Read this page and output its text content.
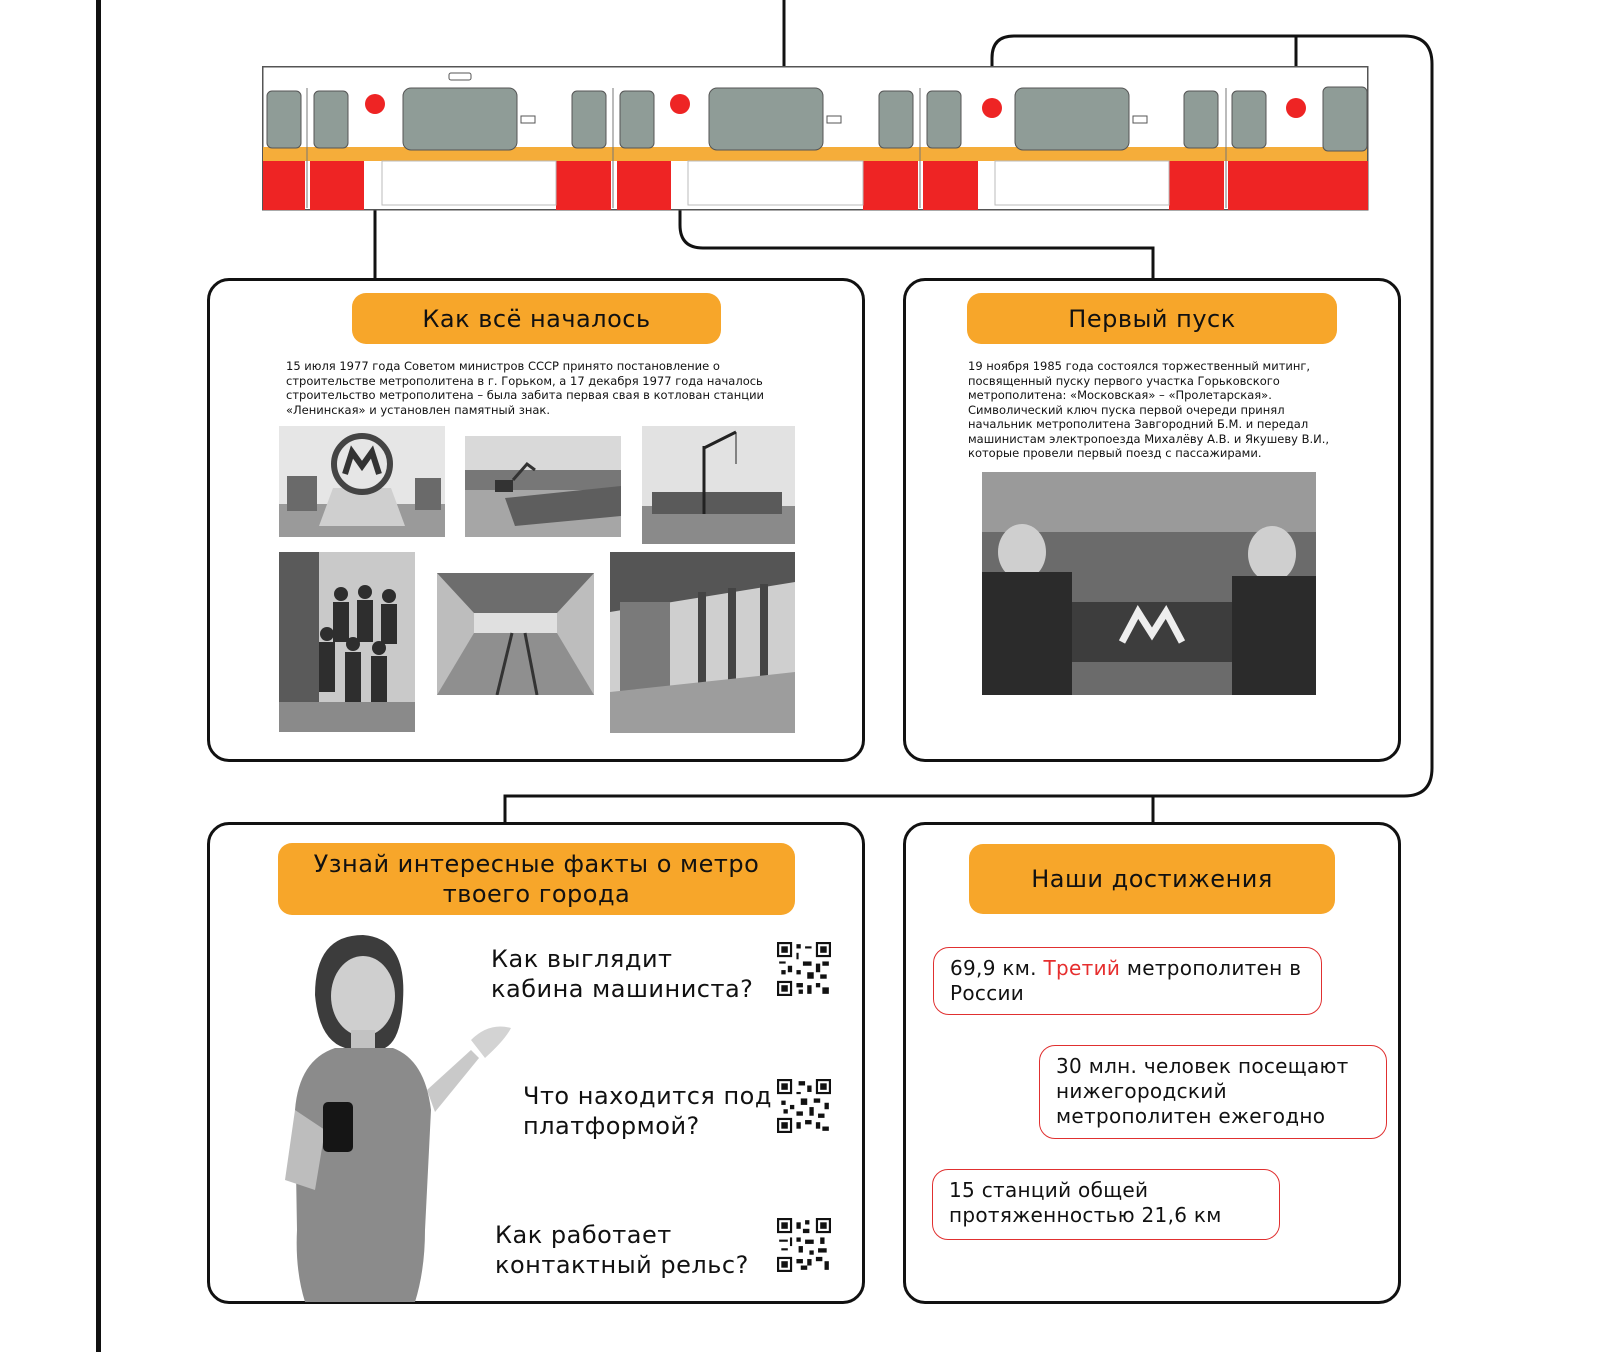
Как всё началось
15 июля 1977 года Советом министров СССР принято постановление о строительстве метрополитена в г. Горьком, а 17 декабря 1977 года началось строительство метрополитена – была забита первая свая в котлован станции «Ленинская» и установлен памятный знак.
Первый пуск
19 ноября 1985 года состоялся торжественный митинг, посвященный пуску первого участка Горьковского метрополитена: «Московская» – «Пролетарская». Символический ключ пуска первой очереди принял начальник метрополитена Завгородний Б.М. и передал машинистам электропоезда Михалёву А.В. и Якушеву В.И., которые провели первый поезд с пассажирами.
Узнай интересные факты о метро твоего города
Как выглядит кабина машиниста?
Что находится под платформой?
Как работает контактный рельс?
Наши достижения
69,9 км. Третий метрополитен в России
30 млн. человек посещают нижегородский метрополитен ежегодно
15 станций общей протяженностью 21,6 км
